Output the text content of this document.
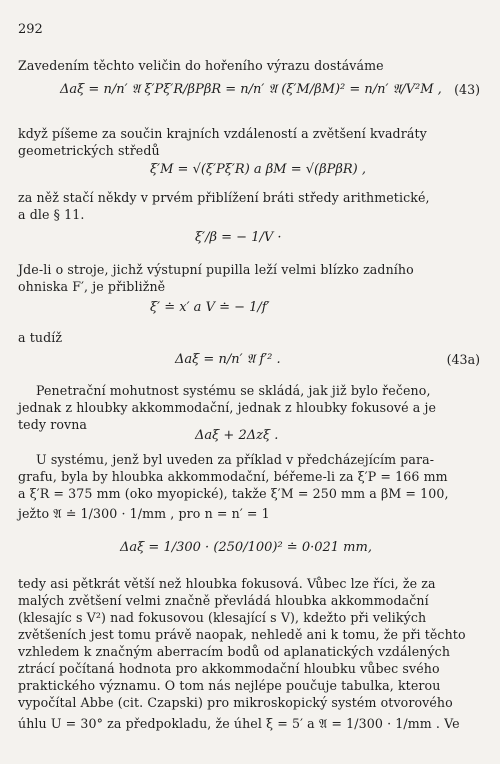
292
Zavedením těchto veličin do hořeního výrazu dostáváme
Δaξ = n/n′ 𝔄 ξ′Pξ′R/βPβR = n/n′ 𝔄 (ξ′M/βM)² = n/n′ 𝔄/V²M , (43)
když píšeme za součin krajních vzdáleností a zvětšení kvadráty
geometrických středů
ξ′M = √(ξ′Pξ′R) a βM = √(βPβR) ,
za něž stačí někdy v prvém přiblížení bráti středy arithmetické,
a dle § 11.
ξ′/β = − 1/V ·
Jde-li o stroje, jichž výstupní pupilla leží velmi blízko zadního
ohniska F′, je přibližně
ξ′ ≐ x′ a V ≐ − 1/f′
a tudíž
Δaξ = n/n′ 𝔄 f′² .	(43a)
Penetrační mohutnost systému se skládá, jak již bylo řečeno,
jednak z hloubky akkommodační, jednak z hloubky fokusové a je
tedy rovna
Δaξ + 2Δzξ .
U systému, jenž byl uveden za příklad v předcházejícím para-
grafu, byla by hloubka akkommodační, béřeme-li za ξ′P = 166 mm
a ξ′R = 375 mm (oko myopické), takže ξ′M = 250 mm a βM = 100,
ježto 𝔄 ≐ 1/300 · 1/mm , pro n = n′ = 1
Δaξ = 1/300 · (250/100)² ≐ 0·021 mm,
tedy asi pětkrát větší než hloubka fokusová. Vůbec lze říci, že za
malých zvětšení velmi značně převládá hloubka akkommodační
(klesajíc s V²) nad fokusovou (klesající s V), kdežto při velikých
zvětšeních jest tomu právě naopak, nehledě ani k tomu, že při těchto
vzhledem k značným aberracím bodů od aplanatických vzdálených
ztrácí počítaná hodnota pro akkommodační hloubku vůbec svého
praktického významu. O tom nás nejlépe poučuje tabulka, kterou
vypočítal Abbe (cit. Czapski) pro mikroskopický systém otvorového
úhlu U = 30° za předpokladu, že úhel ξ = 5′ a 𝔄 = 1/300 · 1/mm . Ve
